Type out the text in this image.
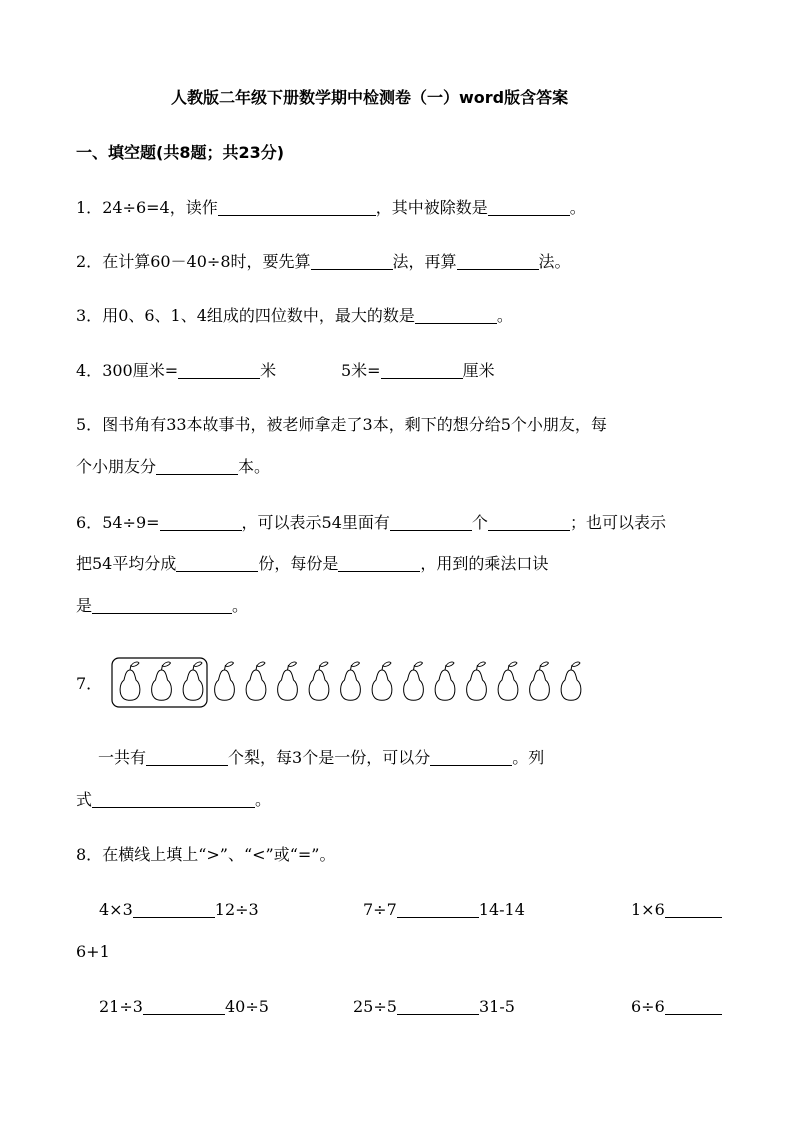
人教版二年级下册数学期中检测卷（一）word版含答案
一、填空题(共8题；共23分)
1．24÷6=4，读作	，其中被除数是	。
2．在计算60－40÷8时，要先算	法，再算	法。
3．用0、6、1、4组成的四位数中，最大的数是	。
4．300厘米=	米	5米=	厘米
5．图书角有33本故事书，被老师拿走了3本，剩下的想分给5个小朋友，每
个小朋友分	本。
6．54÷9=	，可以表示54里面有	个	；也可以表示
把54平均分成	份，每份是	，用到的乘法口诀
是	。
7．
一共有	个梨，每3个是一份，可以分	。列
式	。
8．在横线上填上“>”、“<”或“=”。
4×3	12÷3	7÷7	14-14	1×6
6+1
21÷3	40÷5	25÷5	31-5	6÷6
